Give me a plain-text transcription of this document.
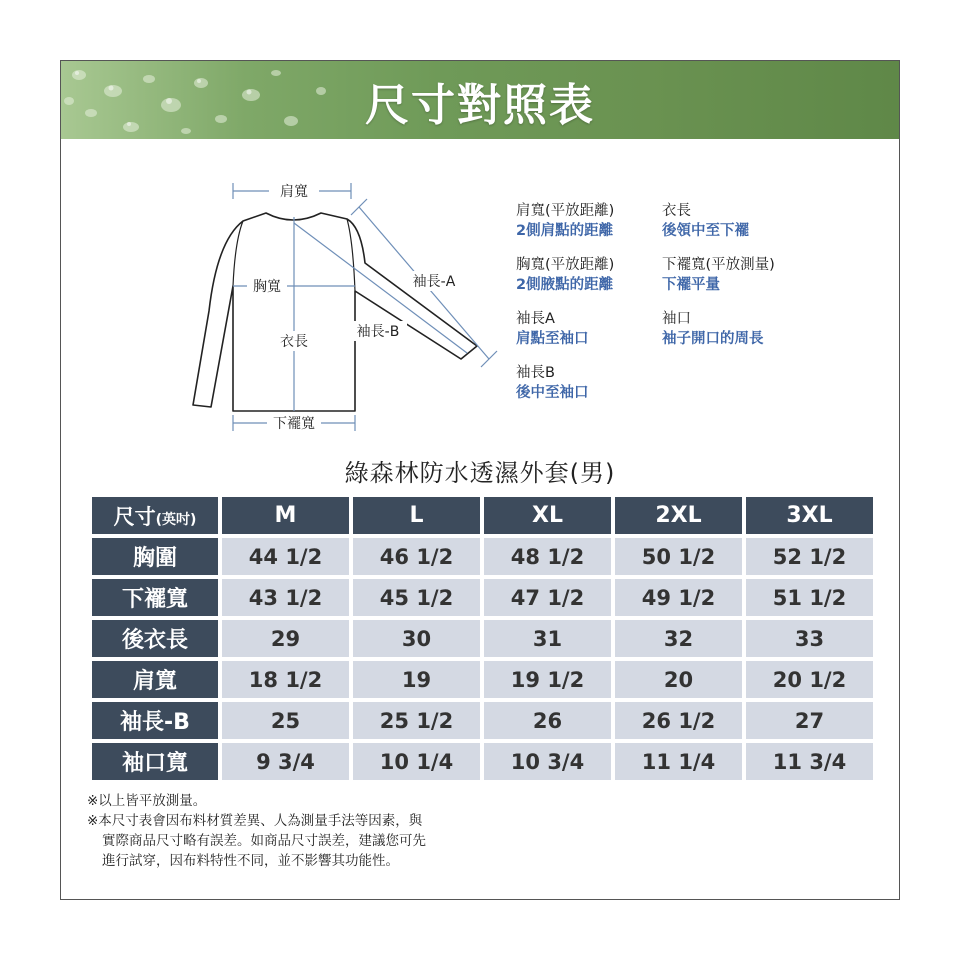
尺寸對照表
肩寬
胸寬
衣長
下襬寬
袖長-A
袖長-B
肩寬(平放距離)
2側肩點的距離
衣長
後領中至下襬
胸寬(平放距離)
2側腋點的距離
下襬寬(平放測量)
下襬平量
袖長A
肩點至袖口
袖口
袖子開口的周長
袖長B
後中至袖口
綠森林防水透濕外套(男)
尺寸(英吋)	M	L	XL	2XL	3XL
胸圍	44 1/2	46 1/2	48 1/2	50 1/2	52 1/2
下襬寬	43 1/2	45 1/2	47 1/2	49 1/2	51 1/2
後衣長	29	30	31	32	33
肩寬	18 1/2	19	19 1/2	20	20 1/2
袖長-B	25	25 1/2	26	26 1/2	27
袖口寬	9 3/4	10 1/4	10 3/4	11 1/4	11 3/4
※以上皆平放測量。
※本尺寸表會因布料材質差異、人為測量手法等因素，與
實際商品尺寸略有誤差。如商品尺寸誤差，建議您可先
進行試穿，因布料特性不同，並不影響其功能性。
